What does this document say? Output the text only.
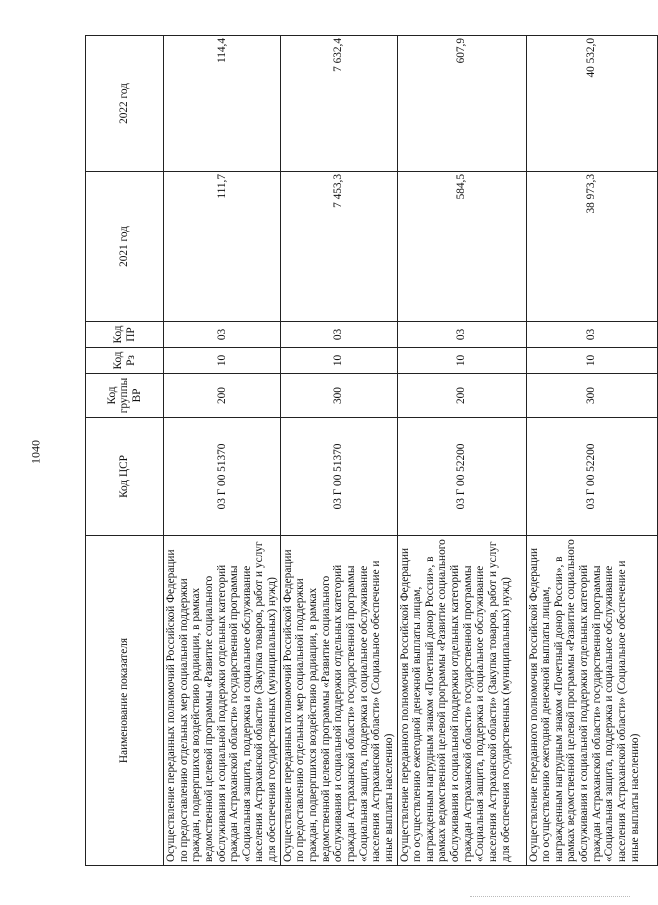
1040
Наименование показателя	Код ЦСР	Код группы ВР	Код Рз	Код ПР	2021 год	2022 год
Осуществление переданных полномочий Российской Федерации по предоставлению отдельных мер социальной поддержки граждан, подвергшихся воздействию радиации, в рамках ведомственной целевой программы «Развитие социального обслуживания и социальной поддержки отдельных категорий граждан Астраханской области» государственной программы «Социальная защита, поддержка и социальное обслуживание населения Астраханской области» (Закупка товаров, работ и услуг для обеспечения государственных (муниципальных) нужд)	03 Г 00 51370	200	10	03	111,7	114,4
Осуществление переданных полномочий Российской Федерации по предоставлению отдельных мер социальной поддержки граждан, подвергшихся воздействию радиации, в рамках ведомственной целевой программы «Развитие социального обслуживания и социальной поддержки отдельных категорий граждан Астраханской области» государственной программы «Социальная защита, поддержка и социальное обслуживание населения Астраханской области» (Социальное обеспечение и иные выплаты населению)	03 Г 00 51370	300	10	03	7 453,3	7 632,4
Осуществление переданного полномочия Российской Федерации по осуществлению ежегодной денежной выплаты лицам, награжденным нагрудным знаком «Почетный донор России», в рамках ведомственной целевой программы «Развитие социального обслуживания и социальной поддержки отдельных категорий граждан Астраханской области» государственной программы «Социальная защита, поддержка и социальное обслуживание населения Астраханской области» (Закупка товаров, работ и услуг для обеспечения государственных (муниципальных) нужд)	03 Г 00 52200	200	10	03	584,5	607,9
Осуществление переданного полномочия Российской Федерации по осуществлению ежегодной денежной выплаты лицам, награжденным нагрудным знаком «Почетный донор России», в рамках ведомственной целевой программы «Развитие социального обслуживания и социальной поддержки отдельных категорий граждан Астраханской области» государственной программы «Социальная защита, поддержка и социальное обслуживание населения Астраханской области» (Социальное обеспечение и иные выплаты населению)	03 Г 00 52200	300	10	03	38 973,3	40 532,0
